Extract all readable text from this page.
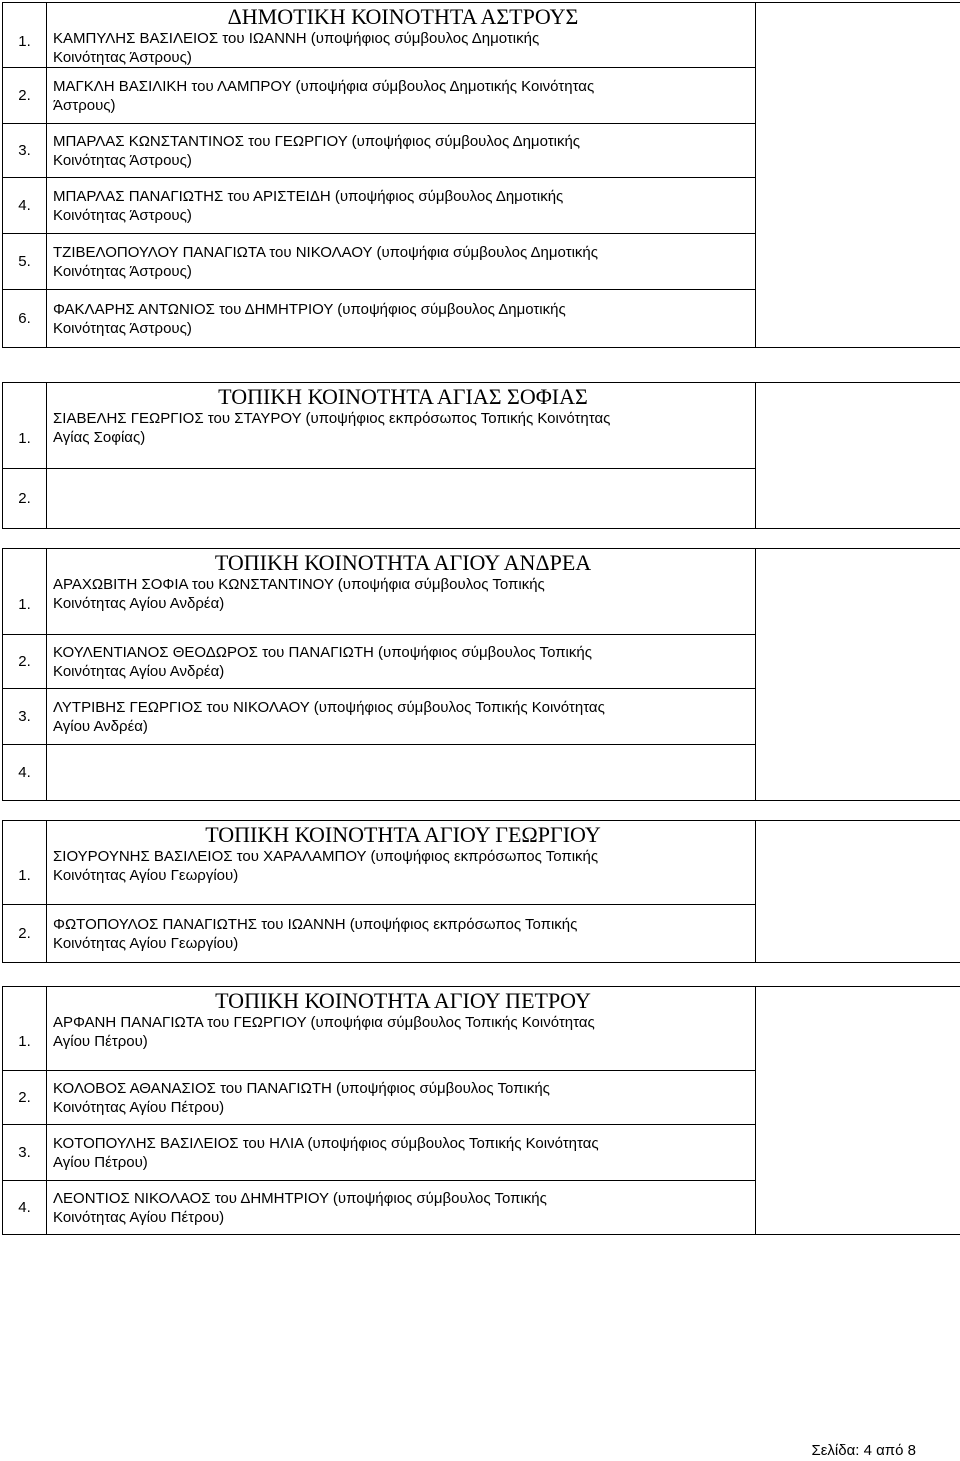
1.	ΔΗΜΟΤΙΚΗ ΚΟΙΝΟΤΗΤΑ ΑΣΤΡΟΥΣ
ΚΑΜΠΥΛΗΣ ΒΑΣΙΛΕΙΟΣ του ΙΩΑΝΝΗ (υποψήφιος σύμβουλος Δημοτικής
Κοινότητας Άστρους)	

2.	ΜΑΓΚΛΗ ΒΑΣΙΛΙΚΗ του ΛΑΜΠΡΟΥ (υποψήφια σύμβουλος Δημοτικής Κοινότητας
Άστρους)	

3.	ΜΠΑΡΛΑΣ ΚΩΝΣΤΑΝΤΙΝΟΣ του ΓΕΩΡΓΙΟΥ (υποψήφιος σύμβουλος Δημοτικής
Κοινότητας Άστρους)	

4.	ΜΠΑΡΛΑΣ ΠΑΝΑΓΙΩΤΗΣ του ΑΡΙΣΤΕΙΔΗ (υποψήφιος σύμβουλος Δημοτικής
Κοινότητας Άστρους)	

5.	ΤΖΙΒΕΛΟΠΟΥΛΟΥ ΠΑΝΑΓΙΩΤΑ του ΝΙΚΟΛΑΟΥ (υποψήφια σύμβουλος Δημοτικής
Κοινότητας Άστρους)	

6.	ΦΑΚΛΑΡΗΣ ΑΝΤΩΝΙΟΣ του ΔΗΜΗΤΡΙΟΥ (υποψήφιος σύμβουλος Δημοτικής
Κοινότητας Άστρους)	
1.	ΤΟΠΙΚΗ ΚΟΙΝΟΤΗΤΑ ΑΓΙΑΣ ΣΟΦΙΑΣ
ΣΙΑΒΕΛΗΣ ΓΕΩΡΓΙΟΣ του ΣΤΑΥΡΟΥ (υποψήφιος εκπρόσωπος Τοπικής Κοινότητας
Αγίας Σοφίας)	

2.		
1.	ΤΟΠΙΚΗ ΚΟΙΝΟΤΗΤΑ ΑΓΙΟΥ ΑΝΔΡΕΑ
ΑΡΑΧΩΒΙΤΗ ΣΟΦΙΑ του ΚΩΝΣΤΑΝΤΙΝΟΥ (υποψήφια σύμβουλος Τοπικής
Κοινότητας Αγίου Ανδρέα)	

2.	ΚΟΥΛΕΝΤΙΑΝΟΣ ΘΕΟΔΩΡΟΣ του ΠΑΝΑΓΙΩΤΗ (υποψήφιος σύμβουλος Τοπικής
Κοινότητας Αγίου Ανδρέα)	

3.	ΛΥΤΡΙΒΗΣ ΓΕΩΡΓΙΟΣ του ΝΙΚΟΛΑΟΥ (υποψήφιος σύμβουλος Τοπικής Κοινότητας
Αγίου Ανδρέα)	

4.		
1.	ΤΟΠΙΚΗ ΚΟΙΝΟΤΗΤΑ ΑΓΙΟΥ ΓΕΩΡΓΙΟΥ
ΣΙΟΥΡΟΥΝΗΣ ΒΑΣΙΛΕΙΟΣ του ΧΑΡΑΛΑΜΠΟΥ (υποψήφιος εκπρόσωπος Τοπικής
Κοινότητας Αγίου Γεωργίου)	

2.	ΦΩΤΟΠΟΥΛΟΣ ΠΑΝΑΓΙΩΤΗΣ του ΙΩΑΝΝΗ (υποψήφιος εκπρόσωπος Τοπικής
Κοινότητας Αγίου Γεωργίου)	
1.	ΤΟΠΙΚΗ ΚΟΙΝΟΤΗΤΑ ΑΓΙΟΥ ΠΕΤΡΟΥ
ΑΡΦΑΝΗ ΠΑΝΑΓΙΩΤΑ του ΓΕΩΡΓΙΟΥ (υποψήφια σύμβουλος Τοπικής Κοινότητας
Αγίου Πέτρου)	

2.	ΚΟΛΟΒΟΣ ΑΘΑΝΑΣΙΟΣ του ΠΑΝΑΓΙΩΤΗ (υποψήφιος σύμβουλος Τοπικής
Κοινότητας Αγίου Πέτρου)	

3.	ΚΟΤΟΠΟΥΛΗΣ ΒΑΣΙΛΕΙΟΣ του ΗΛΙΑ (υποψήφιος σύμβουλος Τοπικής Κοινότητας
Αγίου Πέτρου)	

4.	ΛΕΟΝΤΙΟΣ ΝΙΚΟΛΑΟΣ του ΔΗΜΗΤΡΙΟΥ (υποψήφιος σύμβουλος Τοπικής
Κοινότητας Αγίου Πέτρου)	
Σελίδα: 4 από 8
